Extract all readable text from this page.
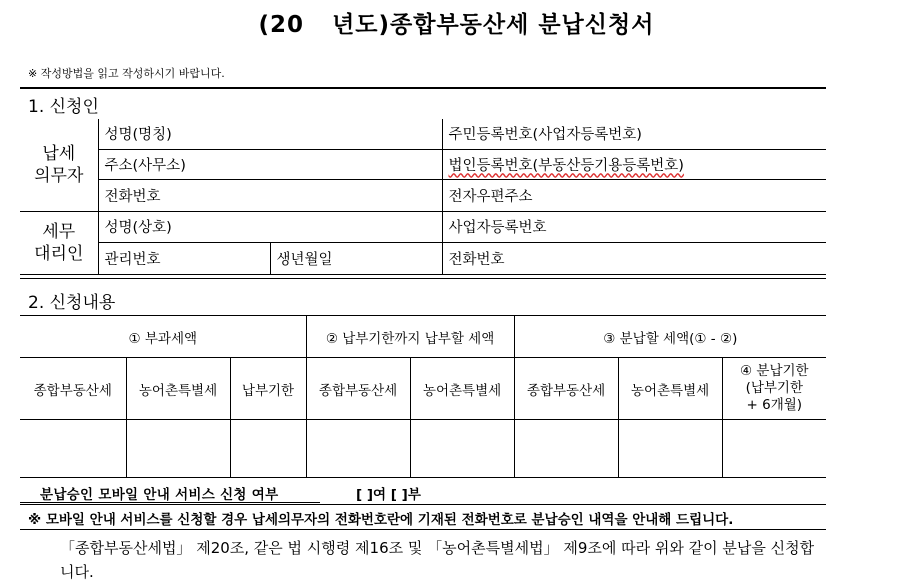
(20 년도)종합부동산세 분납신청서
※ 작성방법을 읽고 작성하시기 바랍니다.
1. 신청인
납세
의무자	성명(명칭)		주민등록번호(사업자등록번호)
	주소(사무소)		법인등록번호(부동산등기용등록번호)
	전화번호		전자우편주소
세무
대리인	성명(상호)		사업자등록번호
	관리번호	생년월일	전화번호
2. 신청내용
① 부과세액			② 납부기한까지 납부할 세액		③ 분납할 세액(① - ②)		
종합부동산세	농어촌특별세	납부기한	종합부동산세	농어촌특별세	종합부동산세	농어촌특별세	④ 분납기한
(납부기한
+ 6개월)

분납승인 모바일 안내 서비스 신청 여부	[ ]여 [ ]부
※ 모바일 안내 서비스를 신청할 경우 납세의무자의 전화번호란에 기재된 전화번호로 분납승인 내역을 안내해 드립니다.
「종합부동산세법」 제20조, 같은 법 시행령 제16조 및 「농어촌특별세법」 제9조에 따라 위와 같이 분납을 신청합니다.
